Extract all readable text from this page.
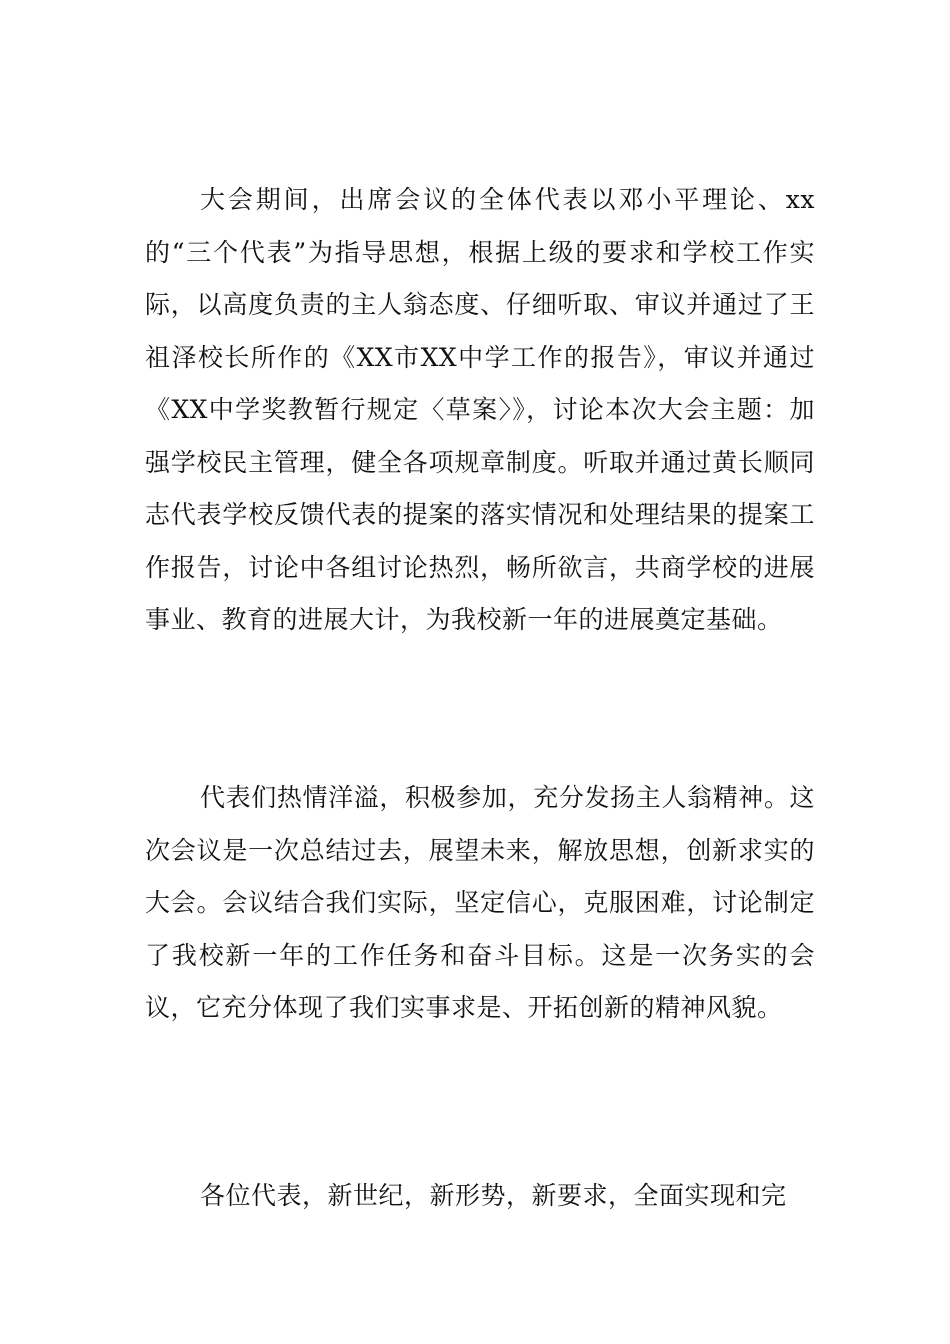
大会期间，出席会议的全体代表以邓小平理论、xx的“三个代表”为指导思想，根据上级的要求和学校工作实际，以高度负责的主人翁态度、仔细听取、审议并通过了王祖泽校长所作的《XX市XX中学工作的报告》，审议并通过《XX中学奖教暂行规定〈草案〉》，讨论本次大会主题：加强学校民主管理，健全各项规章制度。听取并通过黄长顺同志代表学校反馈代表的提案的落实情况和处理结果的提案工作报告，讨论中各组讨论热烈，畅所欲言，共商学校的进展事业、教育的进展大计，为我校新一年的进展奠定基础。

代表们热情洋溢，积极参加，充分发扬主人翁精神。这次会议是一次总结过去，展望未来，解放思想，创新求实的大会。会议结合我们实际，坚定信心，克服困难，讨论制定了我校新一年的工作任务和奋斗目标。这是一次务实的会议，它充分体现了我们实事求是、开拓创新的精神风貌。

各位代表，新世纪，新形势，新要求，全面实现和完
